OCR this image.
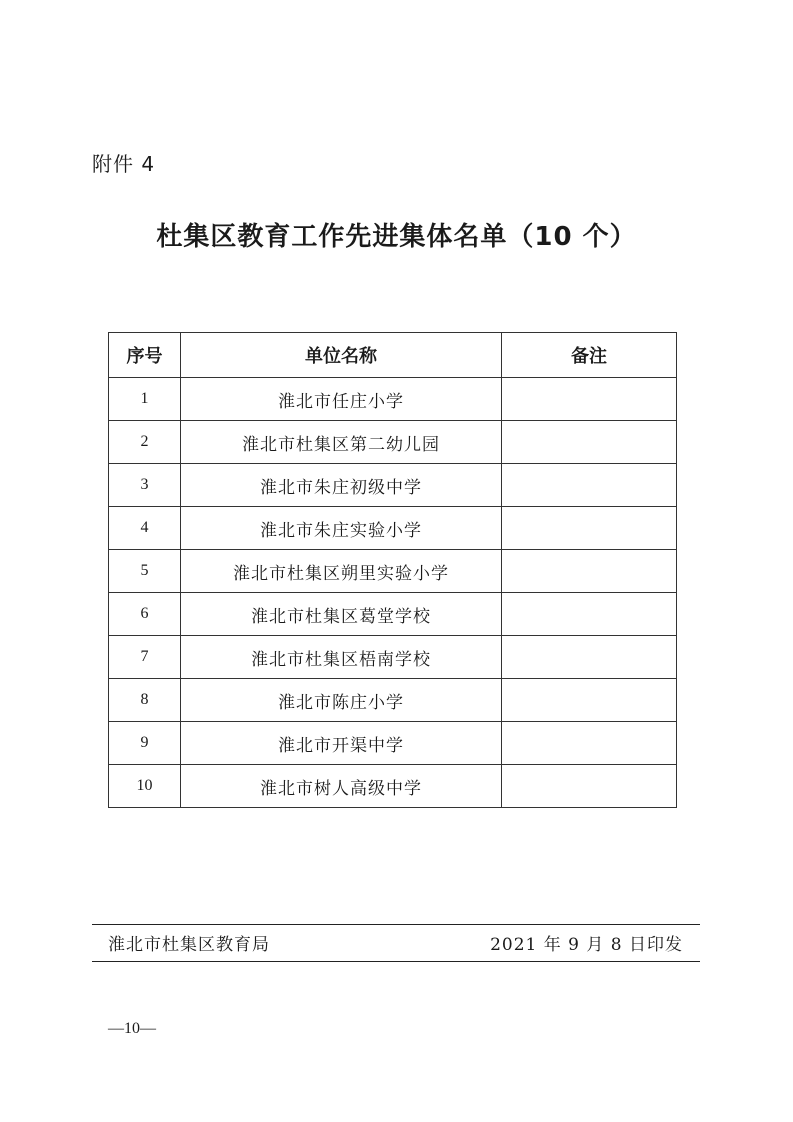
附件 4
杜集区教育工作先进集体名单（10 个）
序号	单位名称	备注
1	淮北市任庄小学	
2	淮北市杜集区第二幼儿园	
3	淮北市朱庄初级中学	
4	淮北市朱庄实验小学	
5	淮北市杜集区朔里实验小学	
6	淮北市杜集区葛堂学校	
7	淮北市杜集区梧南学校	
8	淮北市陈庄小学	
9	淮北市开渠中学	
10	淮北市树人高级中学	
淮北市杜集区教育局	2021 年 9 月 8 日印发
—10—
